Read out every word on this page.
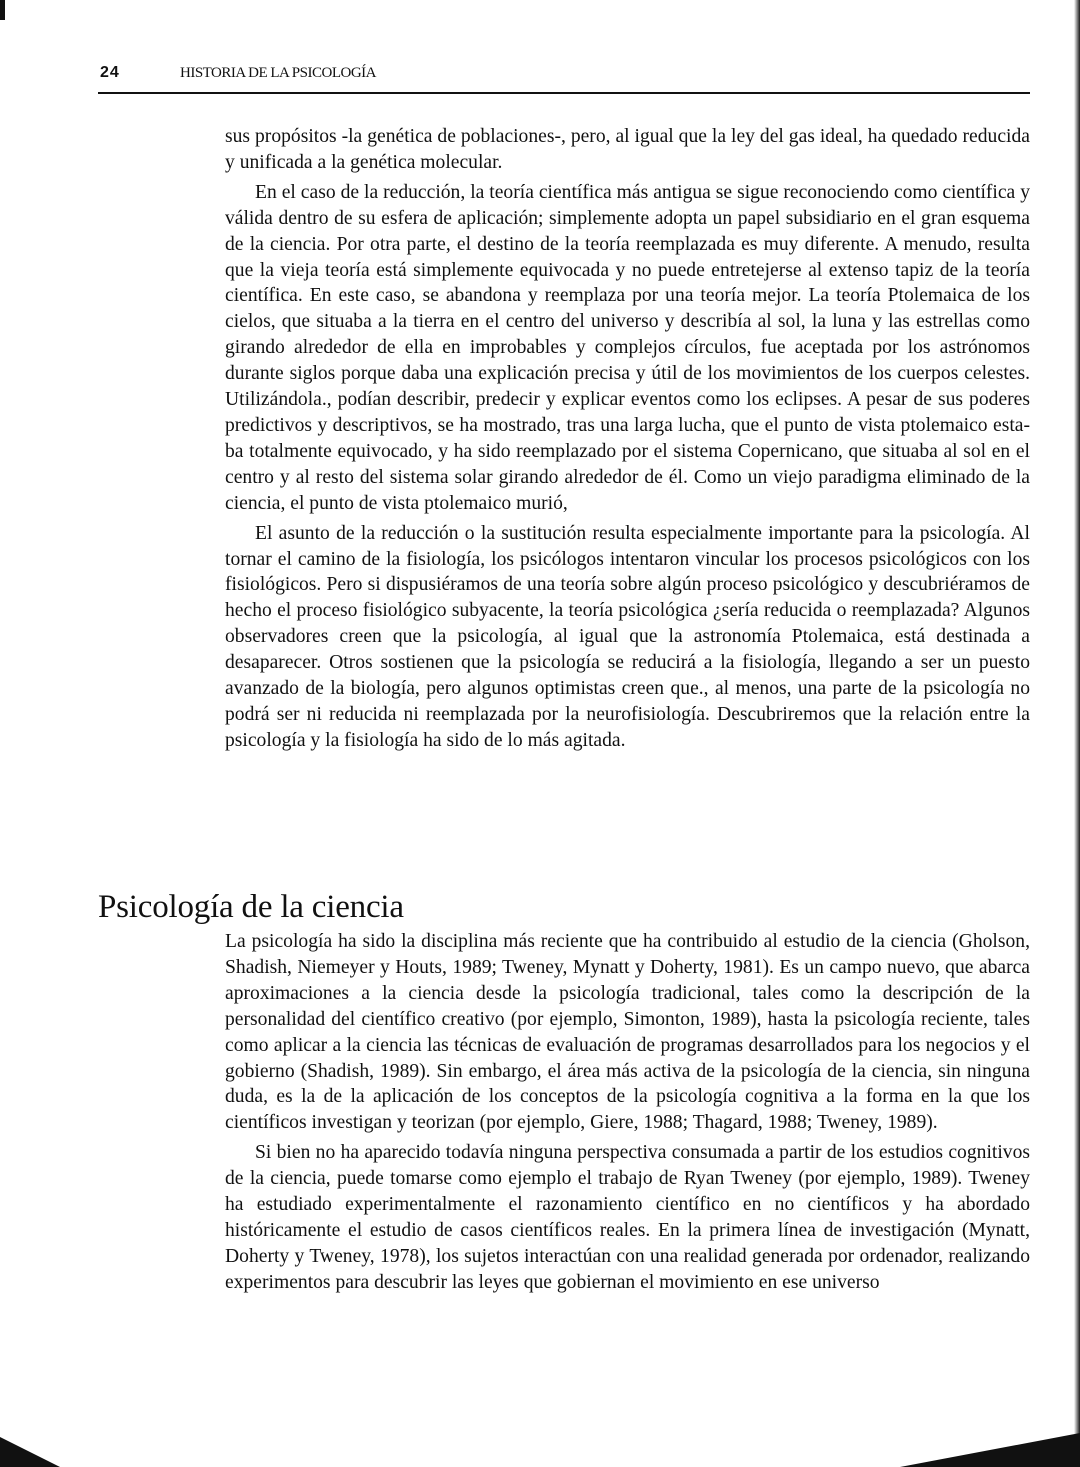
24	HISTORIA DE LA PSICOLOGÍA

sus propósitos -la genética de poblaciones-, pero, al igual que la ley del gas ideal, ha quedado reducida y unificada a la genética molecular.

En el caso de la reducción, la teoría científica más antigua se sigue reconociendo como científica y válida dentro de su esfera de aplicación; simplemente adopta un papel subsidiario en el gran esquema de la ciencia. Por otra parte, el destino de la teoría reemplazada es muy diferente. A menudo, resulta que la vieja teoría está simplemente equivocada y no puede entretejerse al extenso tapiz de la teoría científica. En este caso, se abandona y reemplaza por una teoría mejor. La teoría Ptolemaica de los cielos, que situaba a la tierra en el centro del universo y describía al sol, la luna y las estrellas como girando alrededor de ella en improbables y complejos círculos, fue aceptada por los astrónomos durante siglos porque daba una explicación precisa y útil de los movimientos de los cuerpos celestes. Utilizándola., podían describir, predecir y explicar eventos como los eclipses. A pesar de sus poderes predictivos y descriptivos, se ha mostrado, tras una larga lucha, que el punto de vista ptolemaico estaba totalmente equivocado, y ha sido reemplazado por el sistema Copernicano, que situaba al sol en el centro y al resto del sistema solar girando alrededor de él. Como un viejo paradigma eliminado de la ciencia, el punto de vista ptolemaico murió,

El asunto de la reducción o la sustitución resulta especialmente importante para la psicología. Al tornar el camino de la fisiología, los psicólogos intentaron vincular los procesos psicológicos con los fisiológicos. Pero si dispusiéramos de una teoría sobre algún proceso psicológico y descubriéramos de hecho el proceso fisiológico subyacente, la teoría psicológica ¿sería reducida o reemplazada? Algunos observadores creen que la psicología, al igual que la astronomía Ptolemaica, está destinada a desaparecer. Otros sostienen que la psicología se reducirá a la fisiología, llegando a ser un puesto avanzado de la biología, pero algunos optimistas creen que., al menos, una parte de la psicología no podrá ser ni reducida ni reemplazada por la neurofisiología. Descubriremos que la relación entre la psicología y la fisiología ha sido de lo más agitada.

Psicología de la ciencia

La psicología ha sido la disciplina más reciente que ha contribuido al estudio de la ciencia (Gholson, Shadish, Niemeyer y Houts, 1989; Tweney, Mynatt y Doherty, 1981). Es un campo nuevo, que abarca aproximaciones a la ciencia desde la psicología tradicional, tales como la descripción de la personalidad del científico creativo (por ejemplo, Simonton, 1989), hasta la psicología reciente, tales como aplicar a la ciencia las técnicas de evaluación de programas desarrollados para los negocios y el gobierno (Shadish, 1989). Sin embargo, el área más activa de la psicología de la ciencia, sin ninguna duda, es la de la aplicación de los conceptos de la psicología cognitiva a la forma en la que los científicos investigan y teorizan (por ejemplo, Giere, 1988; Thagard, 1988; Tweney, 1989).

Si bien no ha aparecido todavía ninguna perspectiva consumada a partir de los estudios cognitivos de la ciencia, puede tomarse como ejemplo el trabajo de Ryan Tweney (por ejemplo, 1989). Tweney ha estudiado experimentalmente el razonamiento científico en no científicos y ha abordado históricamente el estudio de casos científicos reales. En la primera línea de investigación (Mynatt, Doherty y Tweney, 1978), los sujetos interactúan con una realidad generada por ordenador, realizando experimentos para descubrir las leyes que gobiernan el movimiento en ese universo
